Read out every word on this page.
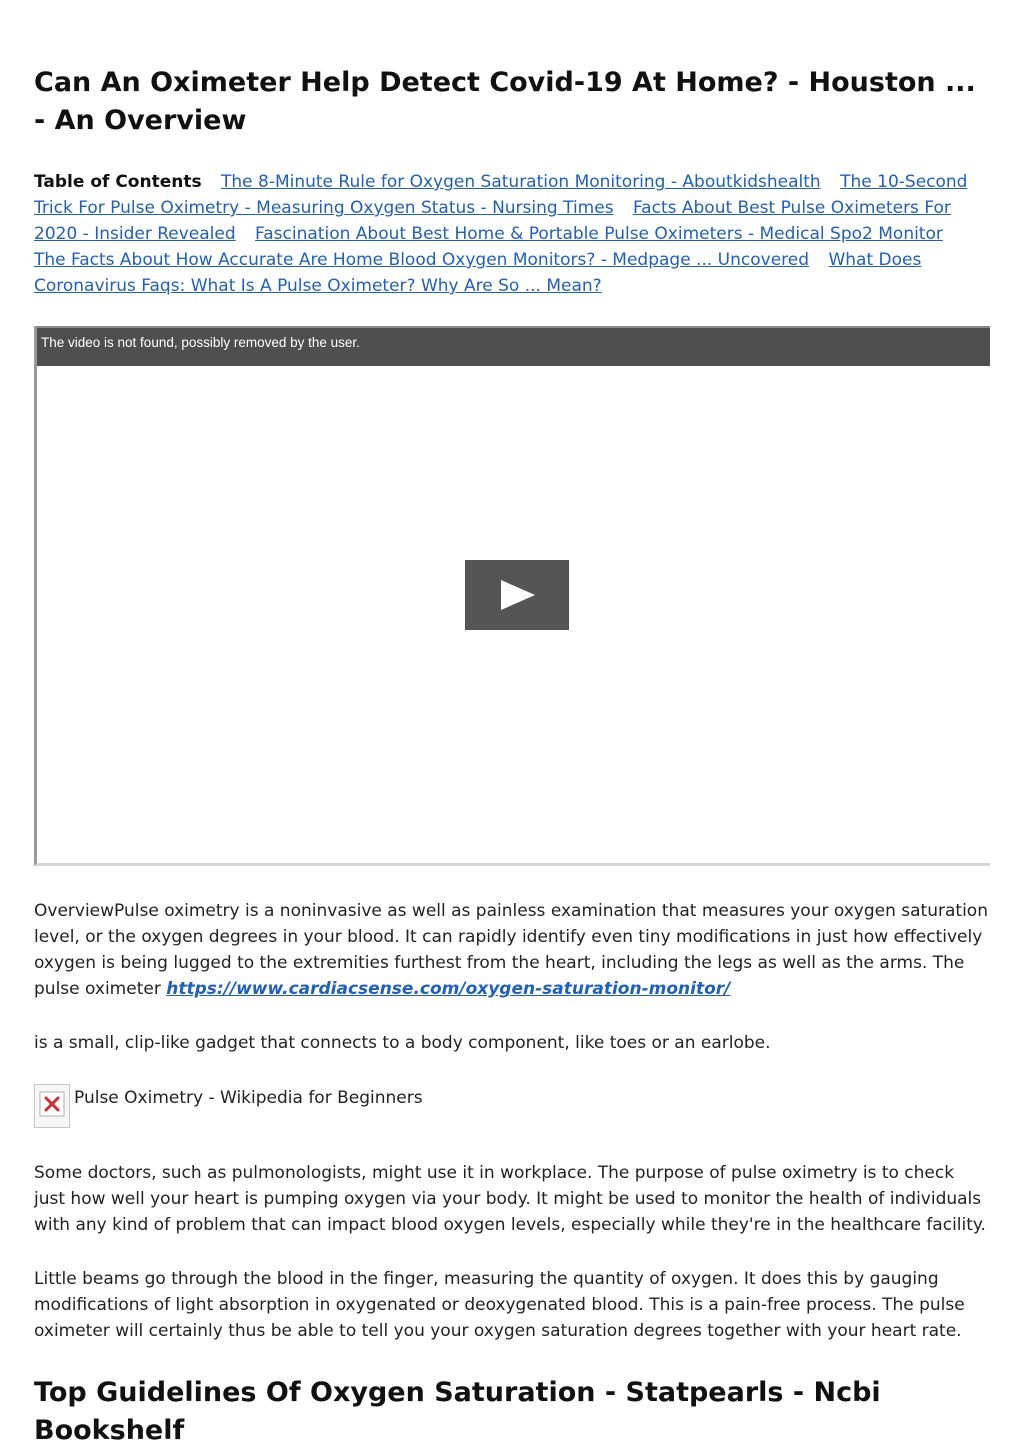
Can An Oximeter Help Detect Covid-19 At Home? - Houston ... - An Overview
Table of Contents The 8-Minute Rule for Oxygen Saturation Monitoring - Aboutkidshealth The 10-Second Trick For Pulse Oximetry - Measuring Oxygen Status - Nursing Times Facts About Best Pulse Oximeters For 2020 - Insider Revealed Fascination About Best Home & Portable Pulse Oximeters - Medical Spo2 Monitor The Facts About How Accurate Are Home Blood Oxygen Monitors? - Medpage ... Uncovered What Does Coronavirus Faqs: What Is A Pulse Oximeter? Why Are So ... Mean?
The video is not found, possibly removed by the user.

OverviewPulse oximetry is a noninvasive as well as painless examination that measures your oxygen saturation level, or the oxygen degrees in your blood. It can rapidly identify even tiny modifications in just how effectively oxygen is being lugged to the extremities furthest from the heart, including the legs as well as the arms. The pulse oximeter https://www.cardiacsense.com/oxygen-saturation-monitor/

is a small, clip-like gadget that connects to a body component, like toes or an earlobe.

Pulse Oximetry - Wikipedia for Beginners

Some doctors, such as pulmonologists, might use it in workplace. The purpose of pulse oximetry is to check just how well your heart is pumping oxygen via your body. It might be used to monitor the health of individuals with any kind of problem that can impact blood oxygen levels, especially while they're in the healthcare facility.

Little beams go through the blood in the finger, measuring the quantity of oxygen. It does this by gauging modifications of light absorption in oxygenated or deoxygenated blood. This is a pain-free process. The pulse oximeter will certainly thus be able to tell you your oxygen saturation degrees together with your heart rate.

Top Guidelines Of Oxygen Saturation - Statpearls - Ncbi Bookshelf
